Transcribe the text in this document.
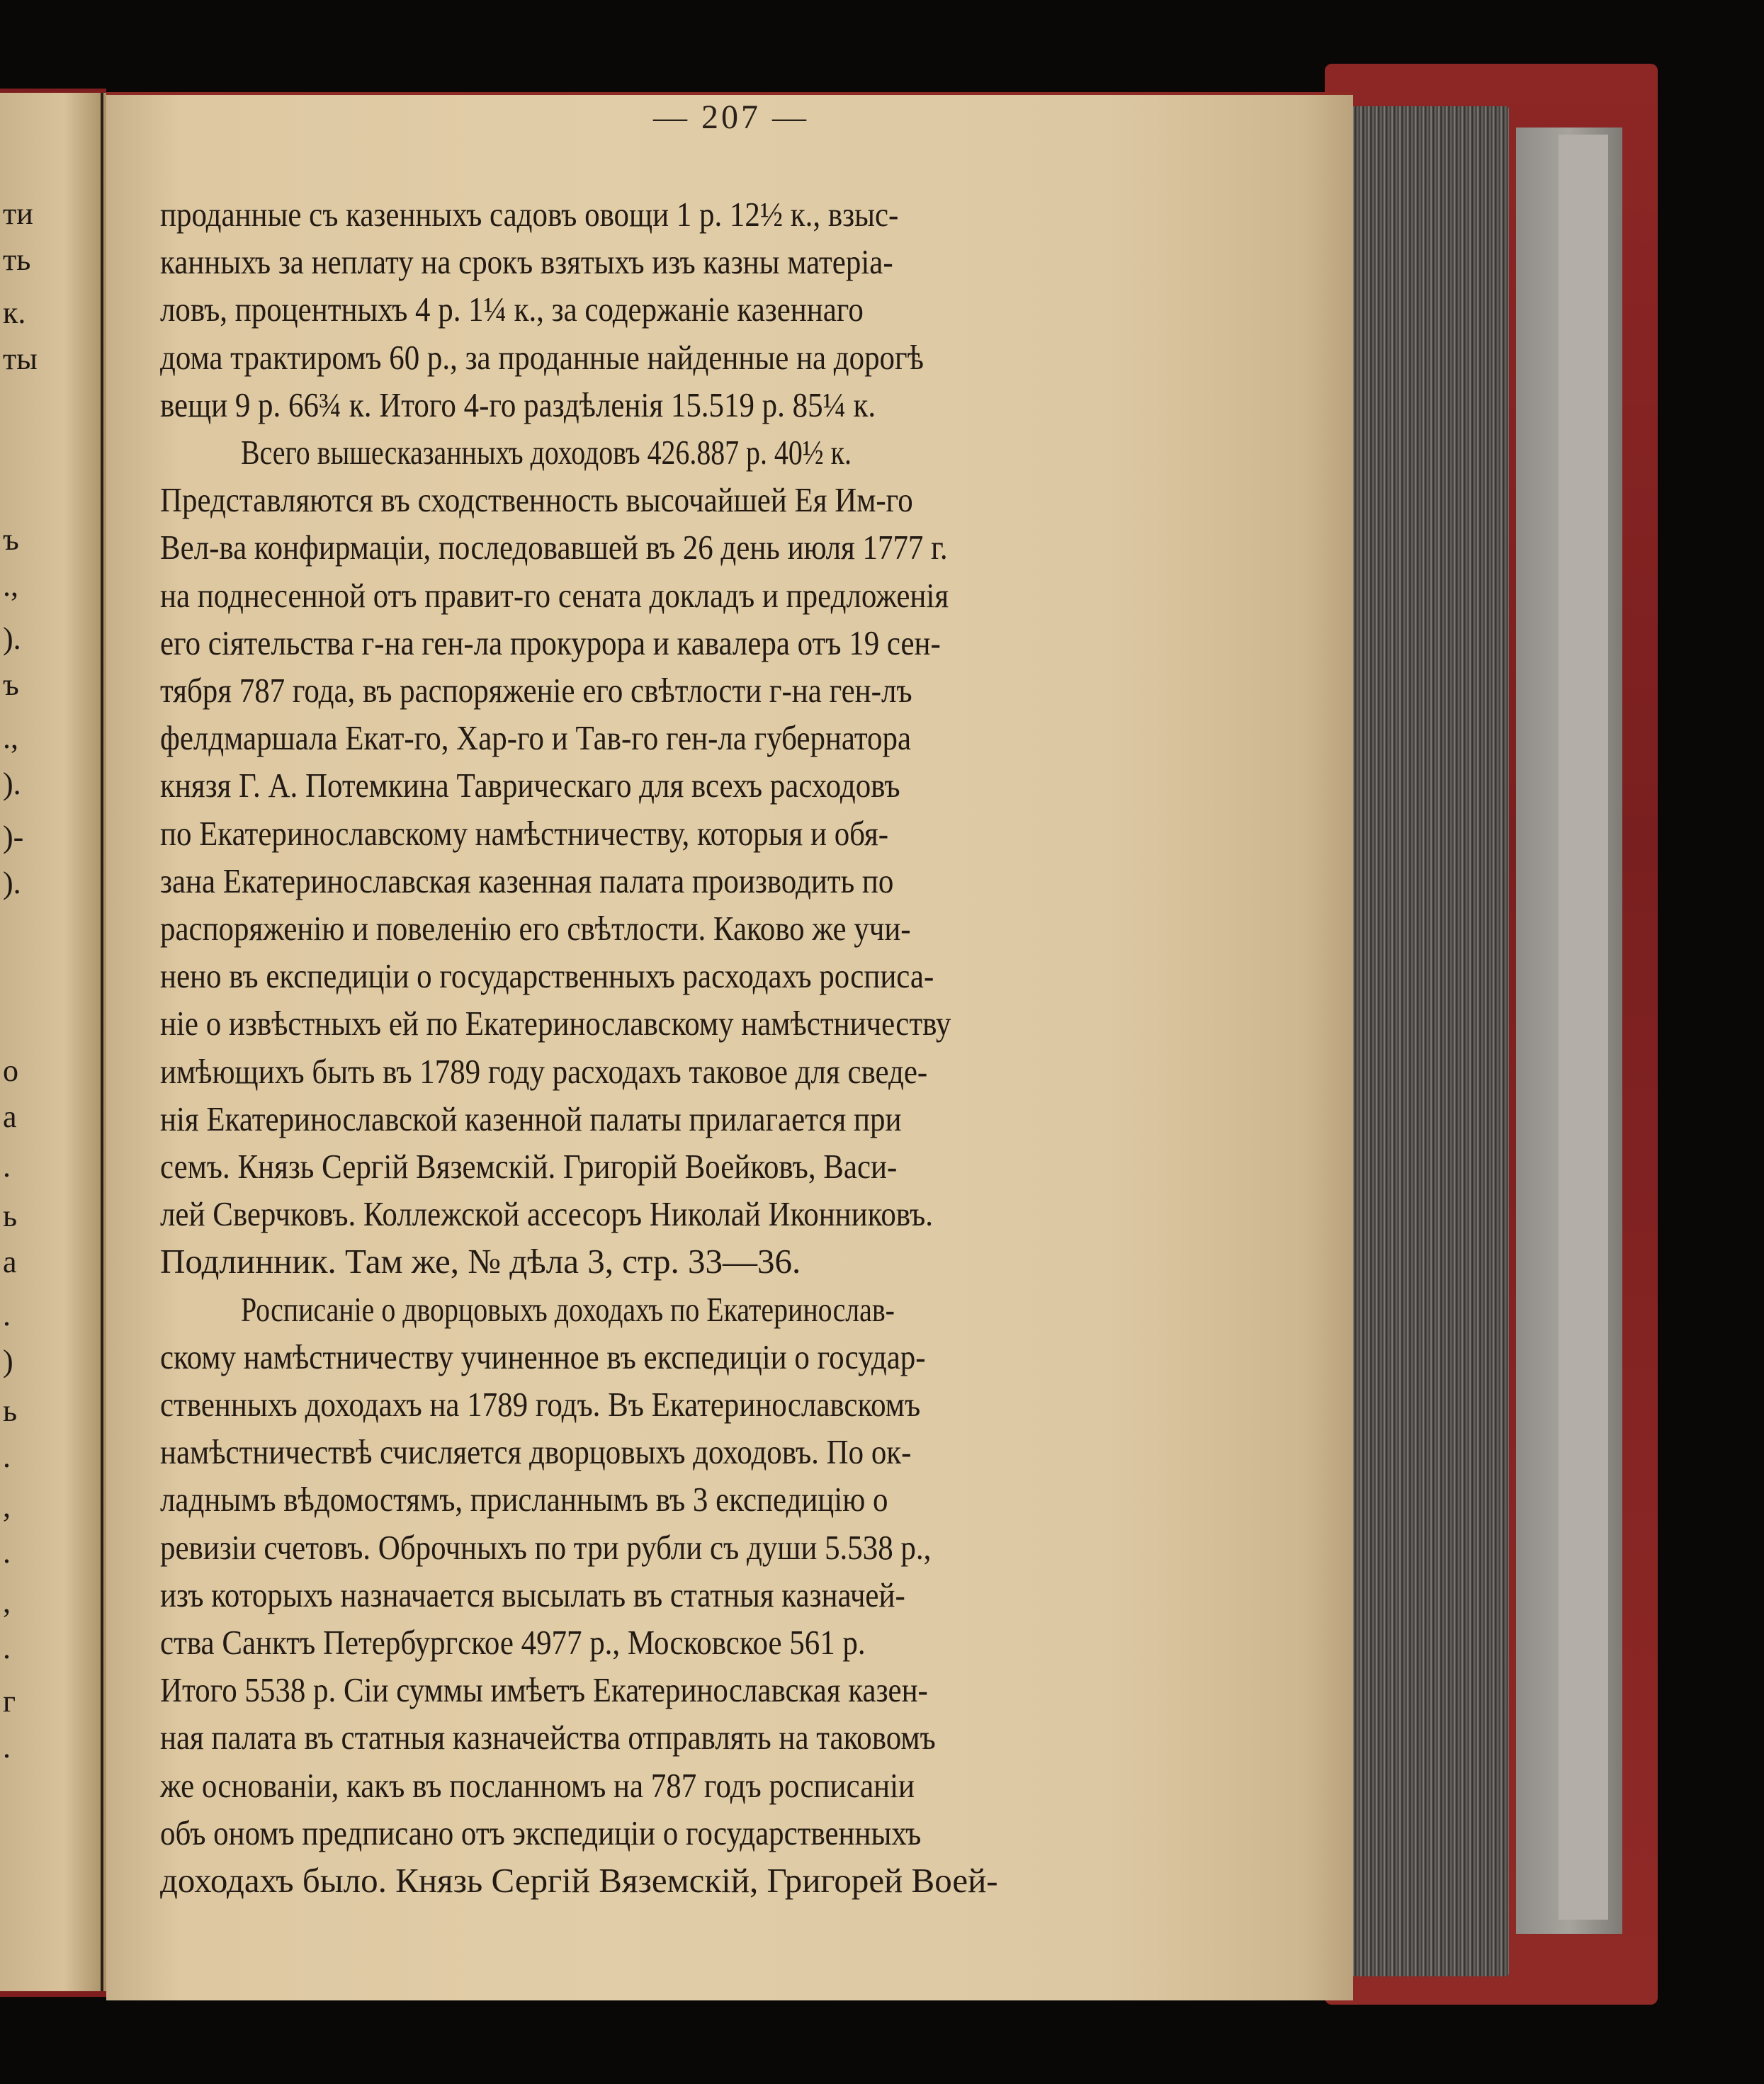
ти
ть
к.
ты
ъ
.,
).
ъ
.,
).
)-
).
о
а
.
ь
а
.
)
ь
.
,
.
,
.
г
.
— 207 —
проданные съ казенныхъ садовъ овощи 1 р. 12½ к., взыс-
канныхъ за неплату на срокъ взятыхъ изъ казны матеріа-
ловъ, процентныхъ 4 р. 1¼ к., за содержаніе казеннаго
дома трактиромъ 60 р., за проданные найденные на дорогѣ
вещи 9 р. 66¾ к. Итого 4-го раздѣленія 15.519 р. 85¼ к.
Всего вышесказанныхъ доходовъ 426.887 р. 40½ к.
Представляются въ сходственность высочайшей Ея Им-го
Вел-ва конфирмаціи, последовавшей въ 26 день июля 1777 г.
на поднесенной отъ правит-го сената докладъ и предложенія
его сіятельства г-на ген-ла прокурора и кавалера отъ 19 сен-
тября 787 года, въ распоряженіе его свѣтлости г-на ген-лъ
фелдмаршала Екат-го, Хар-го и Тав-го ген-ла губернатора
князя Г. А. Потемкина Таврическаго для всехъ расходовъ
по Екатеринославскому намѣстничеству, которыя и обя-
зана Екатеринославская казенная палата производить по
распоряженію и повеленію его свѣтлости. Каково же учи-
нено въ експедиціи о государственныхъ расходахъ росписа-
ніе о извѣстныхъ ей по Екатеринославскому намѣстничеству
имѣющихъ быть въ 1789 году расходахъ таковое для сведе-
нія Екатеринославской казенной палаты прилагается при
семъ. Князь Сергій Вяземскій. Григорій Воейковъ, Васи-
лей Сверчковъ. Коллежской ассесоръ Николай Иконниковъ.
Подлинник. Там же, № дѣла 3, стр. 33—36.
Росписаніе о дворцовыхъ доходахъ по Екатеринослав-
скому намѣстничеству учиненное въ експедиціи о государ-
ственныхъ доходахъ на 1789 годъ. Въ Екатеринославскомъ
намѣстничествѣ счисляется дворцовыхъ доходовъ. По ок-
ладнымъ вѣдомостямъ, присланнымъ въ 3 експедицію о
ревизіи счетовъ. Оброчныхъ по три рубли съ души 5.538 р.,
изъ которыхъ назначается высылать въ статныя казначей-
ства Санктъ Петербургское 4977 р., Московское 561 р.
Итого 5538 р. Сіи суммы имѣетъ Екатеринославская казен-
ная палата въ статныя казначейства отправлять на таковомъ
же основаніи, какъ въ посланномъ на 787 годъ росписаніи
объ ономъ предписано отъ экспедиціи о государственныхъ
доходахъ было. Князь Сергій Вяземскій, Григорей Воей-
